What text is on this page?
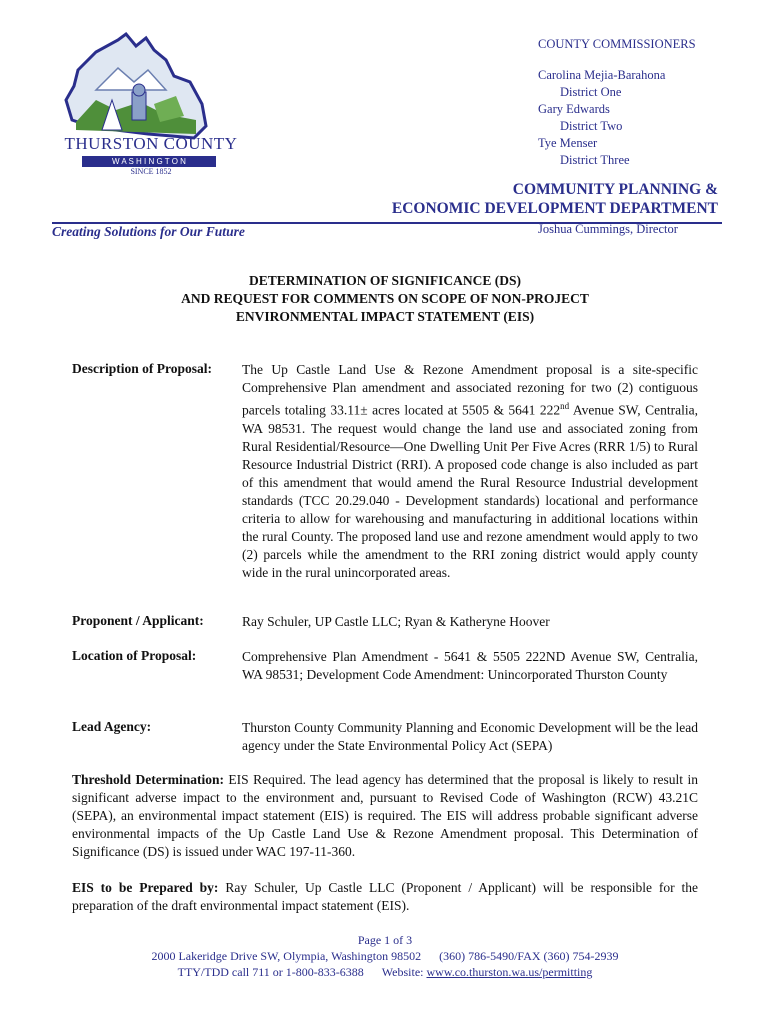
THURSTON COUNTY
W A S H I N G T O N
SINCE 1852
COUNTY COMMISSIONERS
Carolina Mejia-Barahona
District One
Gary Edwards
District Two
Tye Menser
District Three
COMMUNITY PLANNING &
ECONOMIC DEVELOPMENT DEPARTMENT
Creating Solutions for Our Future	Joshua Cummings, Director
DETERMINATION OF SIGNIFICANCE (DS)
AND REQUEST FOR COMMENTS ON SCOPE OF NON-PROJECT
ENVIRONMENTAL IMPACT STATEMENT (EIS)
Description of Proposal: The Up Castle Land Use & Rezone Amendment proposal is a site-specific Comprehensive Plan amendment and associated rezoning for two (2) contiguous parcels totaling 33.11± acres located at 5505 & 5641 222nd Avenue SW, Centralia, WA 98531. The request would change the land use and associated zoning from Rural Residential/Resource—One Dwelling Unit Per Five Acres (RRR 1/5) to Rural Resource Industrial District (RRI). A proposed code change is also included as part of this amendment that would amend the Rural Resource Industrial development standards (TCC 20.29.040 - Development standards) locational and performance criteria to allow for warehousing and manufacturing in additional locations within the rural County. The proposed land use and rezone amendment would apply to two (2) parcels while the amendment to the RRI zoning district would apply county wide in the rural unincorporated areas.
Proponent / Applicant:	Ray Schuler, UP Castle LLC; Ryan & Katheryne Hoover
Location of Proposal:	Comprehensive Plan Amendment - 5641 & 5505 222ND Avenue SW, Centralia, WA 98531; Development Code Amendment: Unincorporated Thurston County
Lead Agency:	Thurston County Community Planning and Economic Development will be the lead agency under the State Environmental Policy Act (SEPA)
Threshold Determination: EIS Required. The lead agency has determined that the proposal is likely to result in significant adverse impact to the environment and, pursuant to Revised Code of Washington (RCW) 43.21C (SEPA), an environmental impact statement (EIS) is required. The EIS will address probable significant adverse environmental impacts of the Up Castle Land Use & Rezone Amendment proposal. This Determination of Significance (DS) is issued under WAC 197-11-360.
EIS to be Prepared by: Ray Schuler, Up Castle LLC (Proponent / Applicant) will be responsible for the preparation of the draft environmental impact statement (EIS).
Page 1 of 3
2000 Lakeridge Drive SW, Olympia, Washington 98502 (360) 786-5490/FAX (360) 754-2939
TTY/TDD call 711 or 1-800-833-6388 Website: www.co.thurston.wa.us/permitting
